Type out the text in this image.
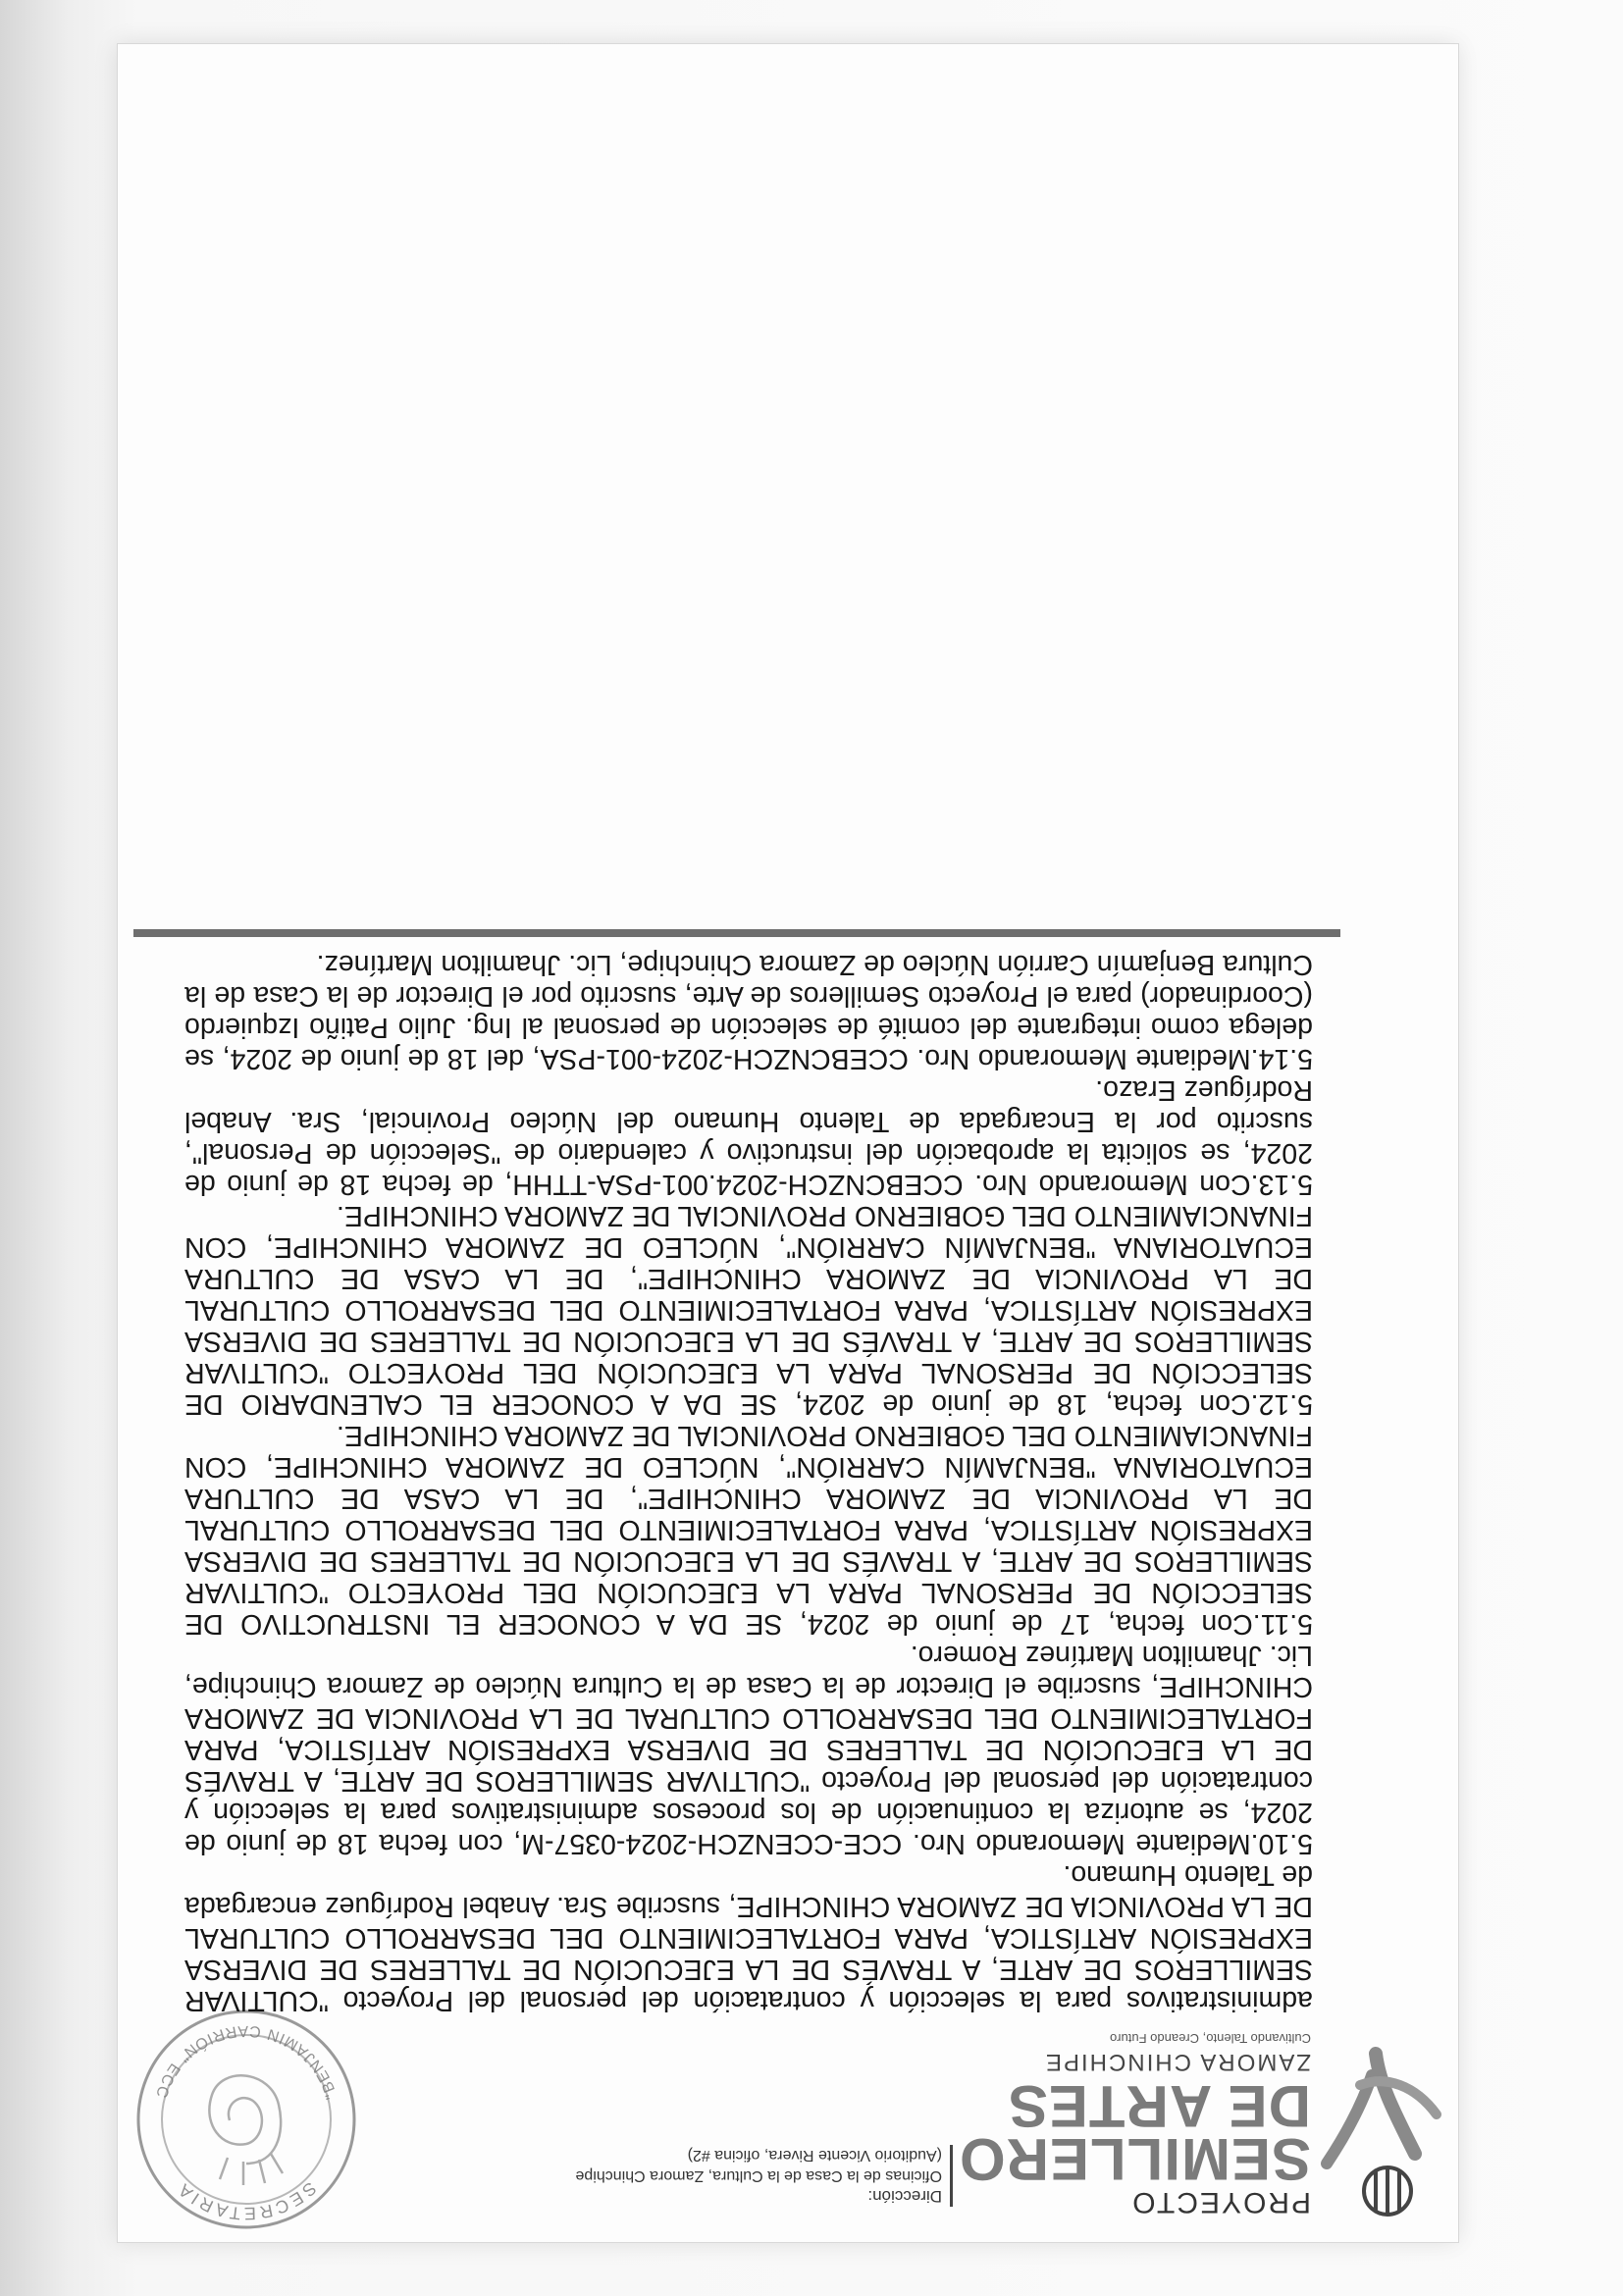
PROYECTO
SEMILLERO
DE ARTES
ZAMORA CHINCHIPE
Cultivando Talento, Creando Futuro
Dirección:
Oficinas de la Casa de la Cultura, Zamora Chinchipe
(Auditorio Vicente Rivera, oficina #2)
SECRETARIA
"BENJAMIN CARRIÓN" ECC

administrativos para la selección y contratación del personal del Proyecto "CULTIVAR SEMILLEROS DE ARTE, A TRAVÉS DE LA EJECUCIÓN DE TALLERES DE DIVERSA EXPRESIÓN ARTÍSTICA, PARA FORTALECIMIENTO DEL DESARROLLO CULTURAL DE LA PROVINCIA DE ZAMORA CHINCHIPE, suscribe Sra. Anabel Rodríguez encargada de Talento Humano.

5.10.Mediante Memorando Nro. CCE-CCENZCH-2024-0357-M, con fecha 18 de junio de 2024, se autoriza la continuación de los procesos administrativos para la selección y contratación del personal del Proyecto "CULTIVAR SEMILLEROS DE ARTE, A TRAVÉS DE LA EJECUCIÓN DE TALLERES DE DIVERSA EXPRESIÓN ARTÍSTICA, PARA FORTALECIMIENTO DEL DESARROLLO CULTURAL DE LA PROVINCIA DE ZAMORA CHINCHIPE, suscribe el Director de la Casa de la Cultura Núcleo de Zamora Chinchipe, Lic. Jhamilton Martínez Romero.

5.11.Con fecha, 17 de junio de 2024, SE DA A CONOCER EL INSTRUCTIVO DE SELECCIÓN DE PERSONAL PARA LA EJECUCIÓN DEL PROYECTO "CULTIVAR SEMILLEROS DE ARTE, A TRAVÉS DE LA EJECUCIÓN DE TALLERES DE DIVERSA EXPRESIÓN ARTÍSTICA, PARA FORTALECIMIENTO DEL DESARROLLO CULTURAL DE LA PROVINCIA DE ZAMORA CHINCHIPE", DE LA CASA DE CULTURA ECUATORIANA "BENJAMÍN CARRIÓN", NÚCLEO DE ZAMORA CHINCHIPE, CON FINANCIAMIENTO DEL GOBIERNO PROVINCIAL DE ZAMORA CHINCHIPE.

5.12.Con fecha, 18 de junio de 2024, SE DA A CONOCER EL CALENDARIO DE SELECCIÓN DE PERSONAL PARA LA EJECUCIÓN DEL PROYECTO "CULTIVAR SEMILLEROS DE ARTE, A TRAVÉS DE LA EJECUCIÓN DE TALLERES DE DIVERSA EXPRESIÓN ARTÍSTICA, PARA FORTALECIMIENTO DEL DESARROLLO CULTURAL DE LA PROVINCIA DE ZAMORA CHINCHIPE", DE LA CASA DE CULTURA ECUATORIANA "BENJAMÍN CARRIÓN", NÚCLEO DE ZAMORA CHINCHIPE, CON FINANCIAMIENTO DEL GOBIERNO PROVINCIAL DE ZAMORA CHINCHIPE.

5.13.Con Memorando Nro. CCEBCNZCH-2024.001-PSA-TTHH, de fecha 18 de junio de 2024, se solicita la aprobación del instructivo y calendario de "Selección de Personal", suscrito por la Encargada de Talento Humano del Núcleo Provincial, Sra. Anabel Rodríguez Erazo.

5.14.Mediante Memorando Nro. CCEBCNZCH-2024-001-PSA, del 18 de junio de 2024, se delega como integrante del comité de selección de personal al Ing. Julio Patiño Izquierdo (Coordinador) para el Proyecto Semilleros de Arte, suscrito por el Director de la Casa de la Cultura Benjamín Carrión Núcleo de Zamora Chinchipe, Lic. Jhamilton Martínez.
